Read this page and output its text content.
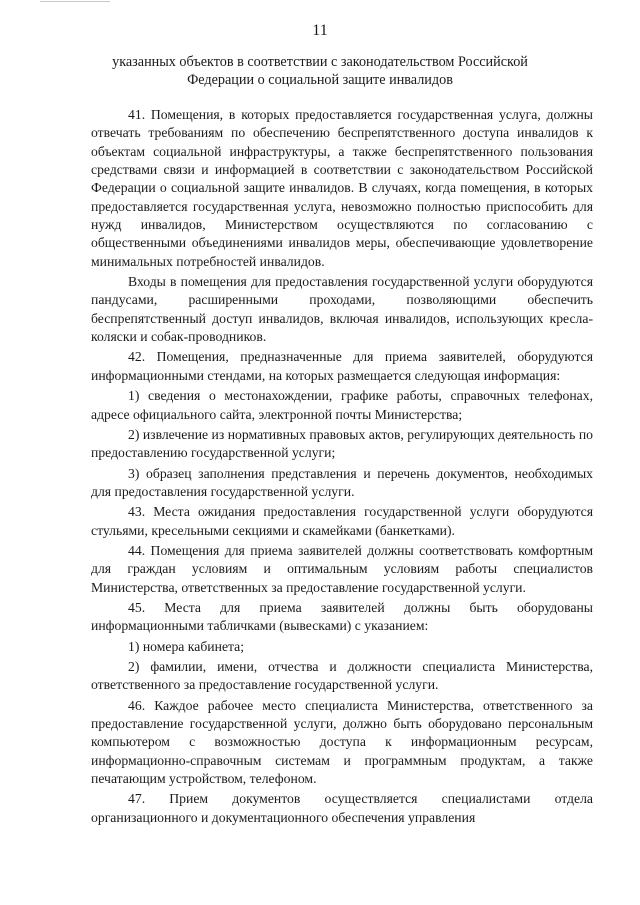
11
указанных объектов в соответствии с законодательством Российской Федерации о социальной защите инвалидов

41. Помещения, в которых предоставляется государственная услуга, должны отвечать требованиям по обеспечению беспрепятственного доступа инвалидов к объектам социальной инфраструктуры, а также беспрепятственного пользования средствами связи и информацией в соответствии с законодательством Российской Федерации о социальной защите инвалидов. В случаях, когда помещения, в которых предоставляется государственная услуга, невозможно полностью приспособить для нужд инвалидов, Министерством осуществляются по согласованию с общественными объединениями инвалидов меры, обеспечивающие удовлетворение минимальных потребностей инвалидов.

Входы в помещения для предоставления государственной услуги оборудуются пандусами, расширенными проходами, позволяющими обеспечить беспрепятственный доступ инвалидов, включая инвалидов, использующих кресла-коляски и собак-проводников.

42. Помещения, предназначенные для приема заявителей, оборудуются информационными стендами, на которых размещается следующая информация:

1) сведения о местонахождении, графике работы, справочных телефонах, адресе официального сайта, электронной почты Министерства;

2) извлечение из нормативных правовых актов, регулирующих деятельность по предоставлению государственной услуги;

3) образец заполнения представления и перечень документов, необходимых для предоставления государственной услуги.

43. Места ожидания предоставления государственной услуги оборудуются стульями, кресельными секциями и скамейками (банкетками).

44. Помещения для приема заявителей должны соответствовать комфортным для граждан условиям и оптимальным условиям работы специалистов Министерства, ответственных за предоставление государственной услуги.

45. Места для приема заявителей должны быть оборудованы информационными табличками (вывесками) с указанием:

1) номера кабинета;

2) фамилии, имени, отчества и должности специалиста Министерства, ответственного за предоставление государственной услуги.

46. Каждое рабочее место специалиста Министерства, ответственного за предоставление государственной услуги, должно быть оборудовано персональным компьютером с возможностью доступа к информационным ресурсам, информационно-справочным системам и программным продуктам, а также печатающим устройством, телефоном.

47. Прием документов осуществляется специалистами отдела организационного и документационного обеспечения управления
